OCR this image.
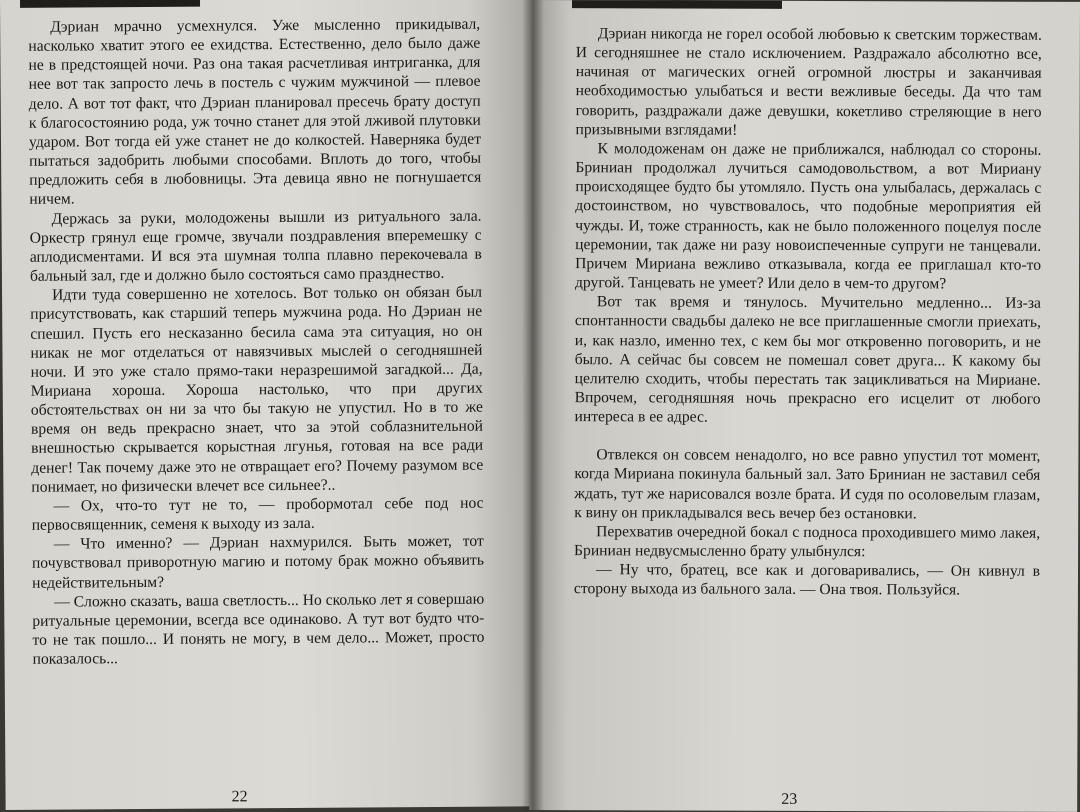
Дэриан мрачно усмехнулся. Уже мысленно прикидывал, насколько хватит этого ее ехидства. Естественно, дело было даже не в предстоящей ночи. Раз она такая расчетливая интриганка, для нее вот так запросто лечь в постель с чужим мужчиной — плевое дело. А вот тот факт, что Дэриан планировал пресечь брату доступ к благосостоянию рода, уж точно станет для этой лживой плутовки ударом. Вот тогда ей уже станет не до колкостей. Наверняка будет пытаться задобрить любыми способами. Вплоть до того, чтобы предложить себя в любовницы. Эта девица явно не погнушается ничем.

Держась за руки, молодожены вышли из ритуального зала. Оркестр грянул еще громче, звучали поздравления вперемешку с аплодисментами. И вся эта шумная толпа плавно перекочевала в бальный зал, где и должно было состояться само празднество.

Идти туда совершенно не хотелось. Вот только он обязан был присутствовать, как старший теперь мужчина рода. Но Дэриан не спешил. Пусть его несказанно бесила сама эта ситуация, но он никак не мог отделаться от навязчивых мыслей о сегодняшней ночи. И это уже стало прямо-таки неразрешимой загадкой... Да, Мириана хороша. Хороша настолько, что при других обстоятельствах он ни за что бы такую не упустил. Но в то же время он ведь прекрасно знает, что за этой соблазнительной внешностью скрывается корыстная лгунья, готовая на все ради денег! Так почему даже это не отвращает его? Почему разумом все понимает, но физически влечет все сильнее?..

— Ох, что-то тут не то, — пробормотал себе под нос первосвященник, семеня к выходу из зала.

— Что именно? — Дэриан нахмурился. Быть может, тот почувствовал приворотную магию и потому брак можно объявить недействительным?

— Сложно сказать, ваша светлость... Но сколько лет я совершаю ритуальные церемонии, всегда все одинаково. А тут вот будто что-то не так пошло... И понять не могу, в чем дело... Может, просто показалось...

22

Дэриан никогда не горел особой любовью к светским торжествам. И сегодняшнее не стало исключением. Раздражало абсолютно все, начиная от магических огней огромной люстры и заканчивая необходимостью улыбаться и вести вежливые беседы. Да что там говорить, раздражали даже девушки, кокетливо стреляющие в него призывными взглядами!

К молодоженам он даже не приближался, наблюдал со стороны. Бриниан продолжал лучиться самодовольством, а вот Мириану происходящее будто бы утомляло. Пусть она улыбалась, держалась с достоинством, но чувствовалось, что подобные мероприятия ей чужды. И, тоже странность, как не было положенного поцелуя после церемонии, так даже ни разу новоиспеченные супруги не танцевали. Причем Мириана вежливо отказывала, когда ее приглашал кто-то другой. Танцевать не умеет? Или дело в чем-то другом?

Вот так время и тянулось. Мучительно медленно... Из-за спонтанности свадьбы далеко не все приглашенные смогли приехать, и, как назло, именно тех, с кем бы мог откровенно поговорить, и не было. А сейчас бы совсем не помешал совет друга... К какому бы целителю сходить, чтобы перестать так зацикливаться на Мириане. Впрочем, сегодняшняя ночь прекрасно его исцелит от любого интереса в ее адрес.

Отвлекся он совсем ненадолго, но все равно упустил тот момент, когда Мириана покинула бальный зал. Зато Бриниан не заставил себя ждать, тут же нарисовался возле брата. И судя по осоловелым глазам, к вину он прикладывался весь вечер без остановки.

Перехватив очередной бокал с подноса проходившего мимо лакея, Бриниан недвусмысленно брату улыбнулся:

— Ну что, братец, все как и договаривались, — Он кивнул в сторону выхода из бального зала. — Она твоя. Пользуйся.

23
